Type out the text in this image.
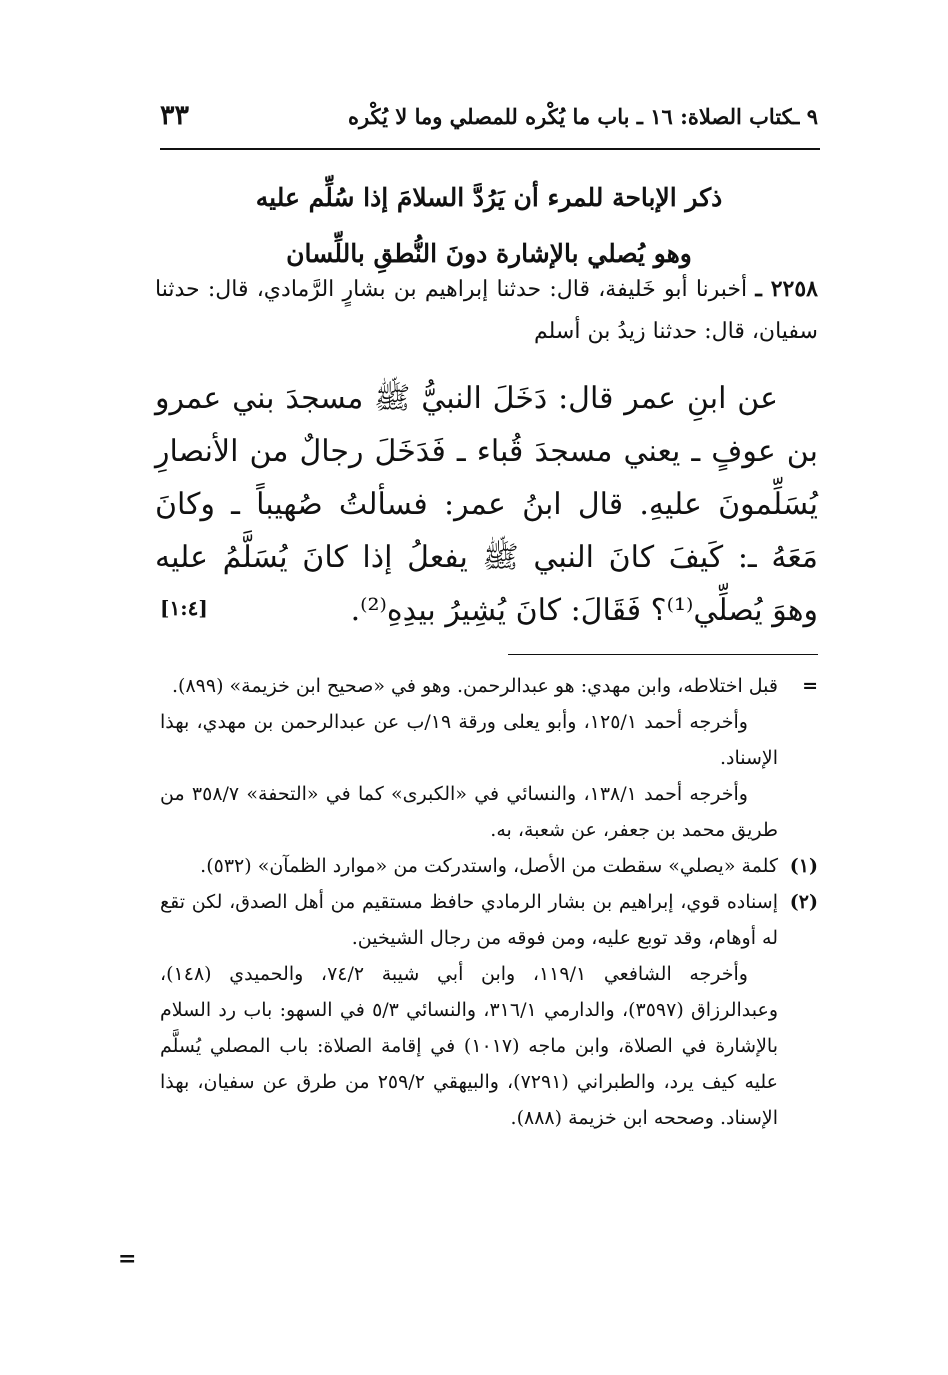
٩ ـكتاب الصلاة: ١٦ ـ باب ما يُكْره للمصلي وما لا يُكْره
٣٣
ذكر الإباحة للمرء أن يَرُدَّ السلامَ إذا سُلِّم عليه
وهو يُصلي بالإشارة دونَ النُّطقِ باللِّسان
٢٢٥٨ ـ أخبرنا أبو خَليفة، قال: حدثنا إبراهيم بن بشارٍ الرَّمادي، قال: حدثنا سفيان، قال: حدثنا زيدُ بن أسلم
عن ابنِ عمر قال: دَخَلَ النبيُّ ﷺ مسجدَ بني عمرو بن عوفٍ ـ يعني مسجدَ قُباء ـ فَدَخَلَ رجالٌ من الأنصارِ يُسَلِّمونَ عليهِ. قال ابنُ عمر: فسألتُ صُهيباً ـ وكانَ مَعَهُ ـ: كَيفَ كانَ النبي ﷺ يفعلُ إذا كانَ يُسَلَّمُ عليه وهوَ يُصلِّي⁽¹⁾؟ فَقَالَ: كانَ يُشِيرُ بيدِهِ⁽²⁾.
[١:٤]
=

قبل اختلاطه، وابن مهدي: هو عبدالرحمن. وهو في «صحيح ابن خزيمة» (٨٩٩).

وأخرجه أحمد ١٢٥/١، وأبو يعلى ورقة ١٩/ب عن عبدالرحمن بن مهدي، بهذا الإسناد.

وأخرجه أحمد ١٣٨/١، والنسائي في «الكبرى» كما في «التحفة» ٣٥٨/٧ من طريق محمد بن جعفر، عن شعبة، به.

(١)

كلمة «يصلي» سقطت من الأصل، واستدركت من «موارد الظمآن» (٥٣٢).

(٢)

إسناده قوي، إبراهيم بن بشار الرمادي حافظ مستقيم من أهل الصدق، لكن تقع له أوهام، وقد توبع عليه، ومن فوقه من رجال الشيخين.

وأخرجه الشافعي ١١٩/١، وابن أبي شيبة ٧٤/٢، والحميدي (١٤٨)، وعبدالرزاق (٣٥٩٧)، والدارمي ٣١٦/١، والنسائي ٥/٣ في السهو: باب رد السلام بالإشارة في الصلاة، وابن ماجه (١٠١٧) في إقامة الصلاة: باب المصلي يُسلَّم عليه كيف يرد، والطبراني (٧٢٩١)، والبيهقي ٢٥٩/٢ من طرق عن سفيان، بهذا الإسناد. وصححه ابن خزيمة (٨٨٨).

=
